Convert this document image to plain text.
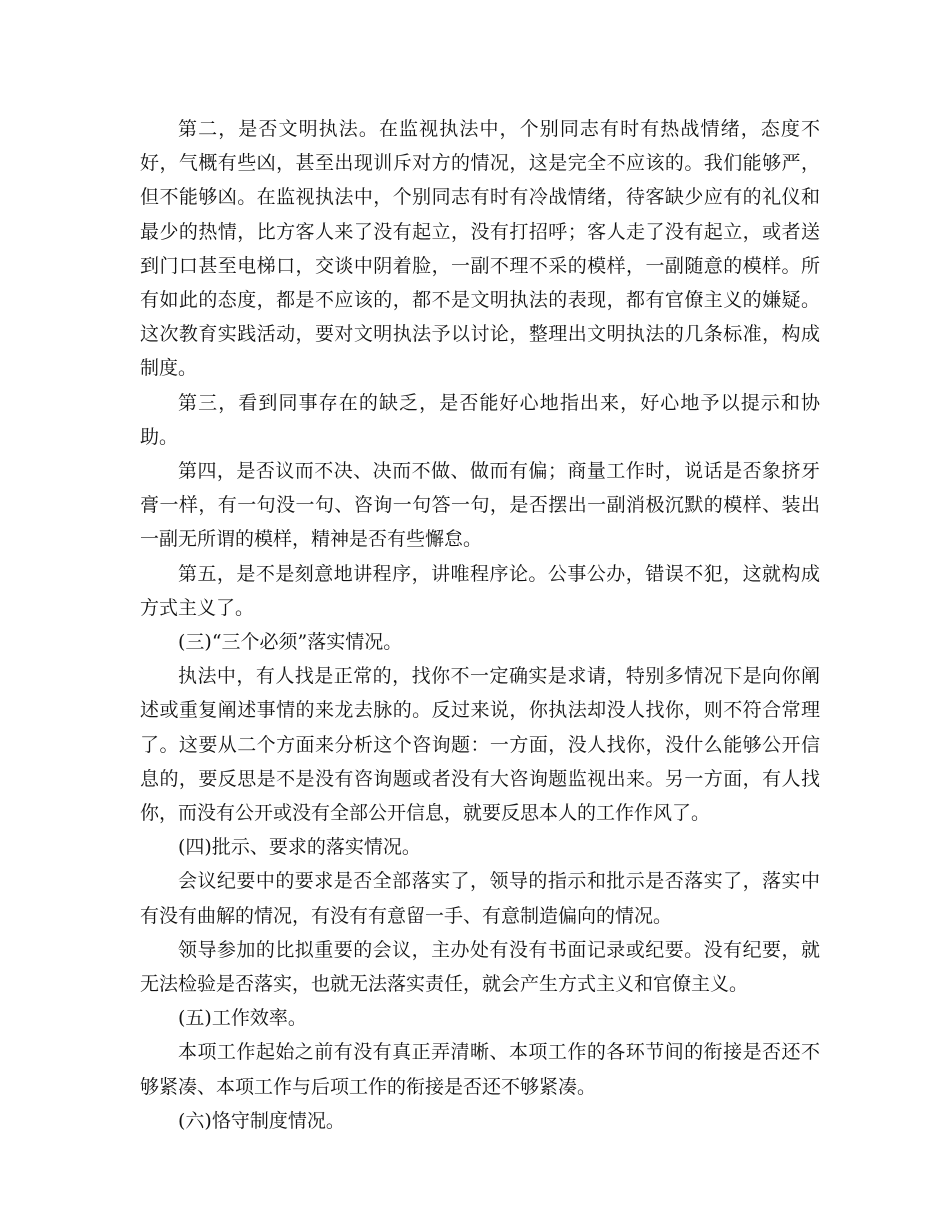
第二，是否文明执法。在监视执法中，个别同志有时有热战情绪，态度不好，气概有些凶，甚至出现训斥对方的情况，这是完全不应该的。我们能够严，但不能够凶。在监视执法中，个别同志有时有冷战情绪，待客缺少应有的礼仪和最少的热情，比方客人来了没有起立，没有打招呼；客人走了没有起立，或者送到门口甚至电梯口，交谈中阴着脸，一副不理不采的模样，一副随意的模样。所有如此的态度，都是不应该的，都不是文明执法的表现，都有官僚主义的嫌疑。这次教育实践活动，要对文明执法予以讨论，整理出文明执法的几条标准，构成制度。

第三，看到同事存在的缺乏，是否能好心地指出来，好心地予以提示和协助。

第四，是否议而不决、决而不做、做而有偏；商量工作时，说话是否象挤牙膏一样，有一句没一句、咨询一句答一句，是否摆出一副消极沉默的模样、装出一副无所谓的模样，精神是否有些懈怠。

第五，是不是刻意地讲程序，讲唯程序论。公事公办，错误不犯，这就构成方式主义了。

(三)“三个必须”落实情况。

执法中，有人找是正常的，找你不一定确实是求请，特别多情况下是向你阐述或重复阐述事情的来龙去脉的。反过来说，你执法却没人找你，则不符合常理了。这要从二个方面来分析这个咨询题：一方面，没人找你，没什么能够公开信息的，要反思是不是没有咨询题或者没有大咨询题监视出来。另一方面，有人找你，而没有公开或没有全部公开信息，就要反思本人的工作作风了。

(四)批示、要求的落实情况。

会议纪要中的要求是否全部落实了，领导的指示和批示是否落实了，落实中有没有曲解的情况，有没有有意留一手、有意制造偏向的情况。

领导参加的比拟重要的会议，主办处有没有书面记录或纪要。没有纪要，就无法检验是否落实，也就无法落实责任，就会产生方式主义和官僚主义。

(五)工作效率。

本项工作起始之前有没有真正弄清晰、本项工作的各环节间的衔接是否还不够紧凑、本项工作与后项工作的衔接是否还不够紧凑。

(六)恪守制度情况。
